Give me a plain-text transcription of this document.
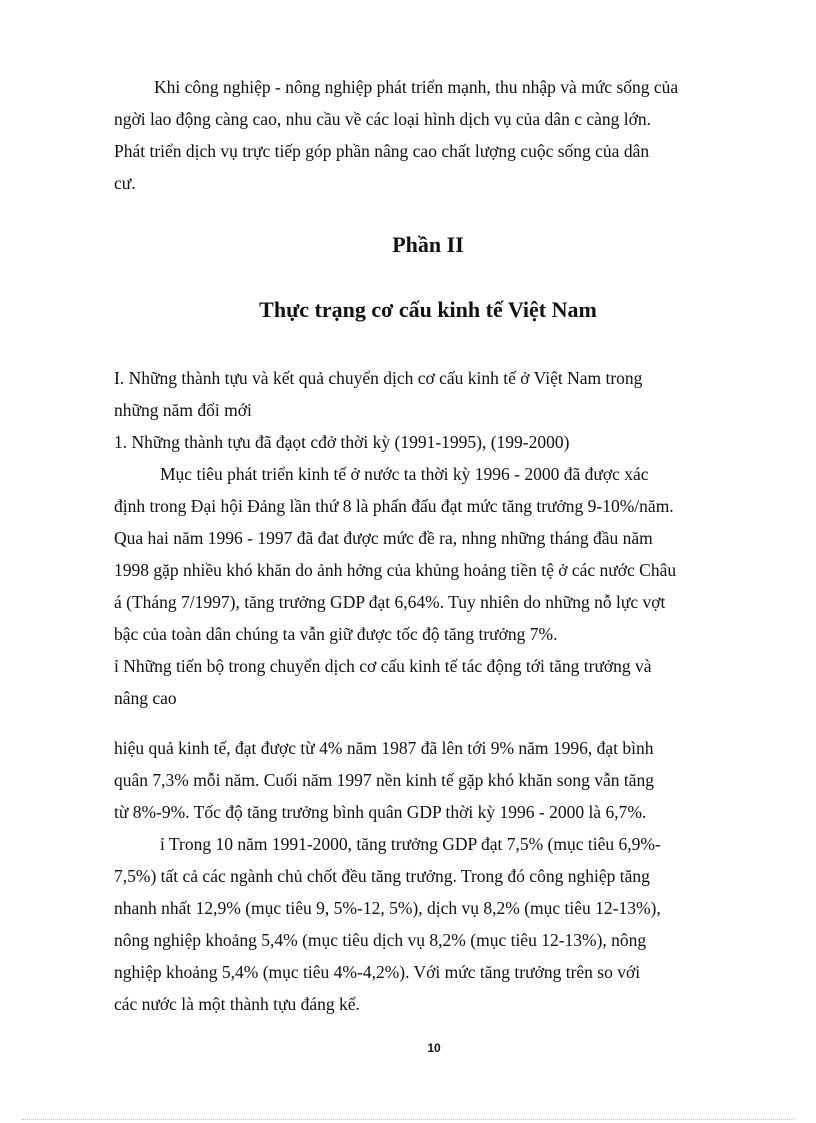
Khi công nghiệp - nông nghiệp phát triển mạnh, thu nhập và mức sống của
ngời lao động càng cao, nhu cầu về các loại hình dịch vụ của dân c càng lớn.
Phát triển dịch vụ trực tiếp góp phần nâng cao chất lượng cuộc sống của dân
cư.
Phần II
Thực trạng cơ cấu kinh tế Việt Nam
I. Những thành tựu và kết quả chuyển dịch cơ cấu kinh tế ở Việt Nam trong
những năm đổi mới
1. Những thành tựu đã đạọt cđở thời kỳ (1991-1995), (199-2000)
Mục tiêu phát triển kinh tế ở nước ta thời kỳ 1996 - 2000 đã được xác
định trong Đại hội Đảng lần thứ 8 là phấn đấu đạt mức tăng trưởng 9-10%/năm.
Qua hai năm 1996 - 1997 đã đat được mức đề ra, nhng những tháng đầu năm
1998 gặp nhiều khó khăn do ảnh hởng của khủng hoảng tiền tệ ở các nước Châu
á (Tháng 7/1997), tăng trưởng GDP đạt 6,64%. Tuy nhiên do những nỗ lực vợt
bậc của toàn dân chúng ta vẫn giữ được tốc độ tăng trưởng 7%.
ỉ Những tiến bộ trong chuyển dịch cơ cấu kinh tế tác động tới tăng trưởng và
nâng cao
hiệu quả kinh tế, đạt được từ 4% năm 1987 đã lên tới 9% năm 1996, đạt bình
quân 7,3% mỗi năm. Cuối năm 1997 nền kinh tế gặp khó khăn song vẫn tăng
từ 8%-9%. Tốc độ tăng trưởng bình quân GDP thời kỳ 1996 - 2000 là 6,7%.
ỉ Trong 10 năm 1991-2000, tăng trưởng GDP đạt 7,5% (mục tiêu 6,9%-
7,5%) tất cả các ngành chủ chốt đều tăng trưởng. Trong đó công nghiệp tăng
nhanh nhất 12,9% (mục tiêu 9, 5%-12, 5%), dịch vụ 8,2% (mục tiêu 12-13%),
nông nghiệp khoảng 5,4% (mục tiêu dịch vụ 8,2% (mục tiêu 12-13%), nông
nghiệp khoảng 5,4% (mục tiêu 4%-4,2%). Với mức tăng trưởng trên so với
các nước là một thành tựu đáng kể.
10
